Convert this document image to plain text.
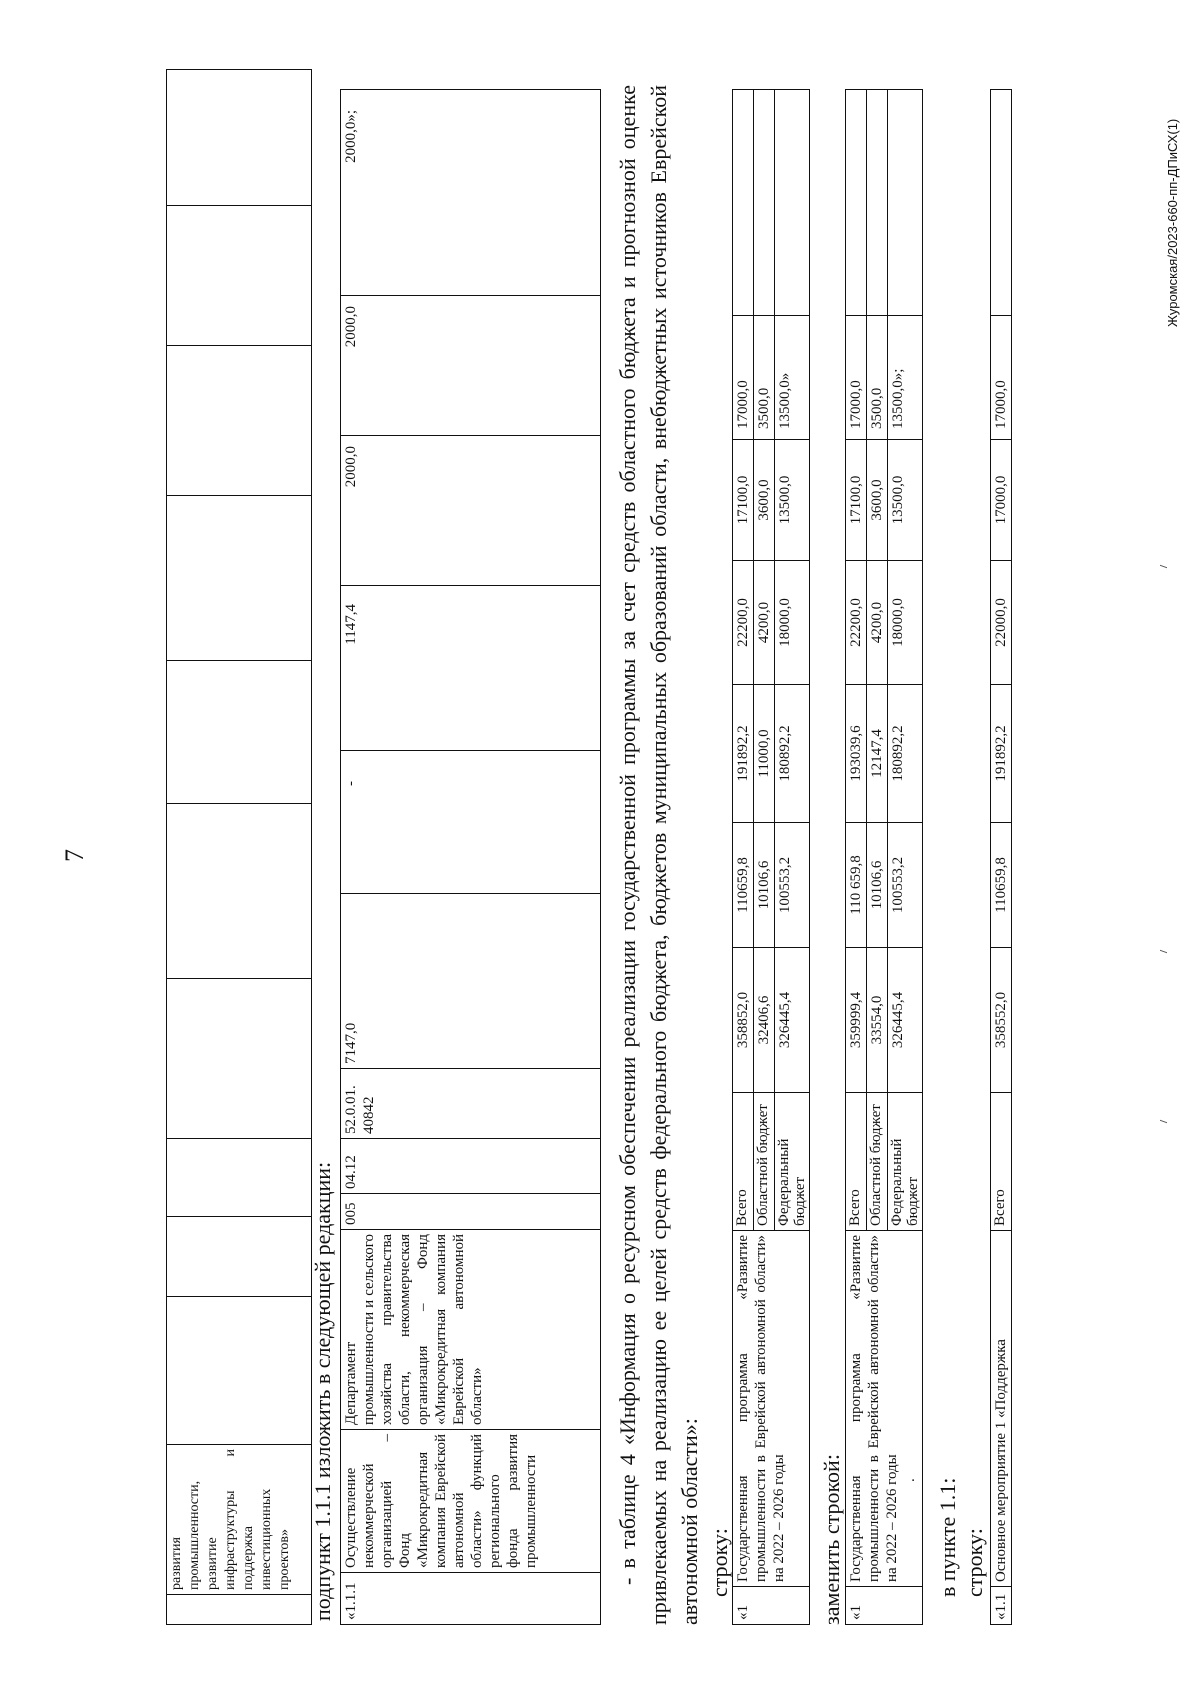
7
	развития промышленности, развитие инфраструктуры и поддержка инвестиционных проектов»										подпункт 1.1.1 изложить в следующей редакции: «1.1.1	Осуществление некоммерческой организацией – Фонд «Микрокредитная компания Еврейской автономной области» функций регионального фонда развития промышленности	Департамент промышленности и сельского хозяйства правительства области, некоммерческая организация – Фонд «Микрокредитная компания Еврейской автономной области»	005	04.12	52.0.01. 40842	7147,0	-	1147,4	2000,0	2000,0	2000,0»;	- в таблице 4 «Информация о ресурсном обеспечении реализации государственной программы за счет средств областного бюджета и прогнозной оценке привлекаемых на реализацию ее целей средств федерального бюджета, бюджетов муниципальных образований области, внебюджетных источников Еврейской автономной области»: строку:
«1	Государственная программа «Развитие промышленности в Еврейской автономной области» на 2022 – 2026 годы	Всего	358852,0	110659,8	191892,2	22200,0	17100,0	17000,0	
		Областной бюджет	32406,6	10106,6	11000,0	4200,0	3600,0	3500,0	
		Федеральный бюджет	326445,4	100553,2	180892,2	18000,0	13500,0	13500,0»	
заменить строкой: «1	Государственная программа «Развитие промышленности в Еврейской автономной области» на 2022 – 2026 годы .	Всего	359999,4	110 659,8	193039,6	22200,0	17100,0	17000,0	
		Областной бюджет	33554,0	10106,6	12147,4	4200,0	3600,0	3500,0	
		Федеральный бюджет	326445,4	100553,2	180892,2	18000,0	13500,0	13500,0»;	
в пункте 1.1: строку:
«1.1	Основное мероприятие 1 «Поддержка	Всего	358552,0	110659,8	191892,2	22000,0	17000,0	17000,0	
Журомская/2023-660-пп-ДПиСХ(1)
